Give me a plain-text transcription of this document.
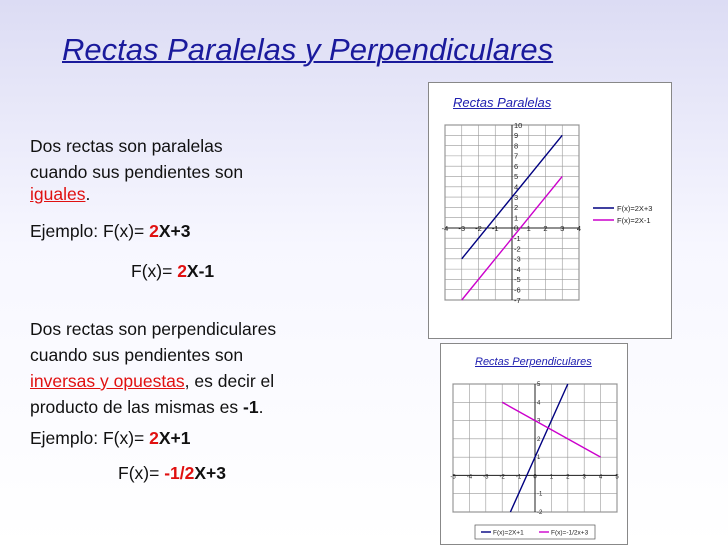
Rectas Paralelas y Perpendiculares
Dos rectas son paralelas
cuando sus pendientes son
iguales.
Ejemplo: F(x)= 2X+3
F(x)= 2X-1
Dos rectas son perpendiculares
cuando sus pendientes son
inversas y opuestas, es decir el
producto de las mismas es -1.
Ejemplo: F(x)= 2X+1
F(x)= -1/2X+3
Rectas Paralelas
-4 -3 -2 -1	1 2 3 4
10
9
8
7
6
5
4
3
2
1
0
-1
-2
-3
-4
-5
-6
-7
F(x)=2X+3
F(x)=2X-1
Rectas Perpendiculares
-5 -4 -3 -2 -1 0 1 2 3 4 5
5
4
3
2
1
-1
-2
F(x)=2X+1	F(x)=-1/2x+3
